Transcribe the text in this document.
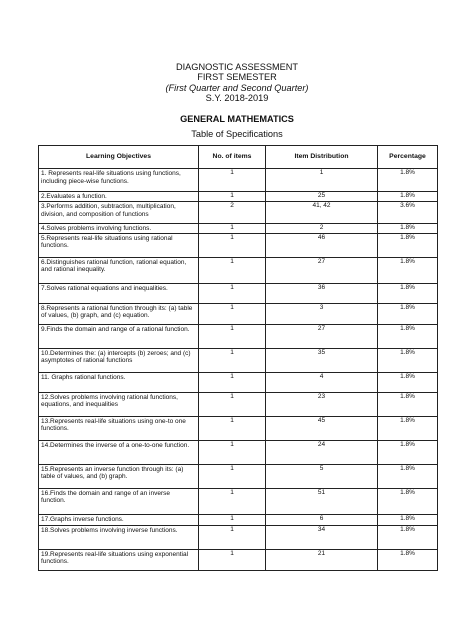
DIAGNOSTIC ASSESSMENT
FIRST SEMESTER
(First Quarter and Second Quarter)
S.Y. 2018-2019
GENERAL MATHEMATICS
Table of Specifications
Learning Objectives	No. of items	Item Distribution	Percentage
1. Represents real-life situations using functions, including piece-wise functions.	1	1	1.8%
2.Evaluates a function.	1	25	1.8%
3.Performs addition, subtraction, multiplication, division, and composition of functions	2	41, 42	3.6%
4.Solves problems involving functions.	1	2	1.8%
5.Represents real-life situations using rational functions.	1	46	1.8%
6.Distinguishes rational function, rational equation, and rational inequality.	1	27	1.8%
7.Solves rational equations and inequalities.	1	36	1.8%
8.Represents a rational function through its: (a) table of values, (b) graph, and (c) equation.	1	3	1.8%
9.Finds the domain and range of a rational function.	1	27	1.8%
10.Determines the: (a) intercepts (b) zeroes; and (c) asymptotes of rational functions	1	35	1.8%
11. Graphs rational functions.	1	4	1.8%
12.Solves problems involving rational functions, equations, and inequalities	1	23	1.8%
13.Represents real-life situations using one-to one functions.	1	45	1.8%
14.Determines the inverse of a one-to-one function.	1	24	1.8%
15.Represents an inverse function through its: (a) table of values, and (b) graph.	1	5	1.8%
16.Finds the domain and range of an inverse function.	1	51	1.8%
17.Graphs inverse functions.	1	6	1.8%
18.Solves problems involving inverse functions.	1	34	1.8%
19.Represents real-life situations using exponential functions.	1	21	1.8%
